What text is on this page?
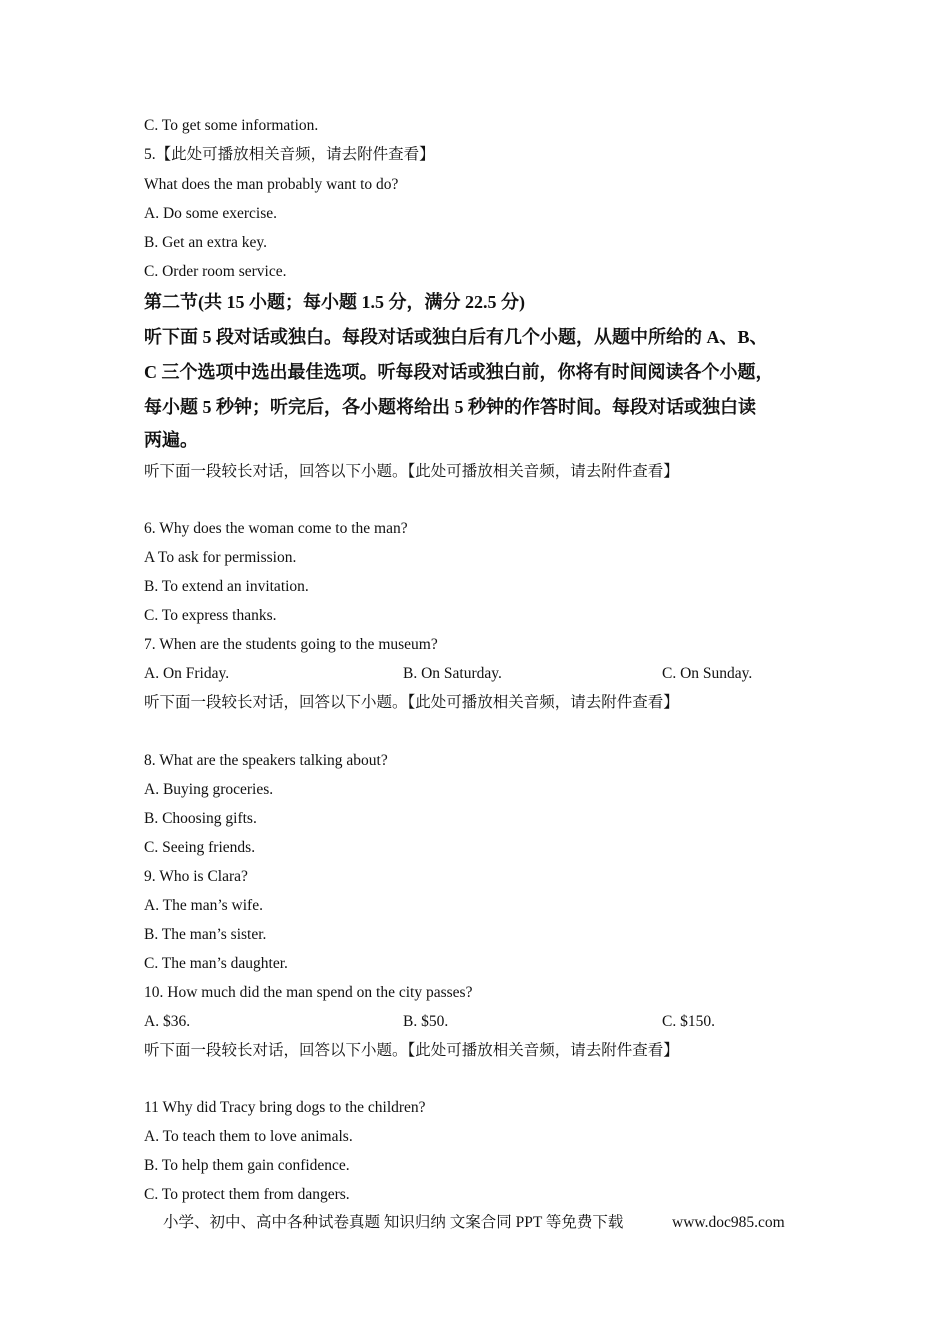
C. To get some information.
5.【此处可播放相关音频，请去附件查看】
What does the man probably want to do?
A. Do some exercise.
B. Get an extra key.
C. Order room service.
第二节(共 15 小题；每小题 1.5 分，满分 22.5 分)
听下面 5 段对话或独白。每段对话或独白后有几个小题，从题中所给的 A、B、
C 三个选项中选出最佳选项。听每段对话或独白前，你将有时间阅读各个小题，
每小题 5 秒钟；听完后，各小题将给出 5 秒钟的作答时间。每段对话或独白读
两遍。
听下面一段较长对话，回答以下小题。【此处可播放相关音频，请去附件查看】
6. Why does the woman come to the man?
A To ask for permission.
B. To extend an invitation.
C. To express thanks.
7. When are the students going to the museum?
A. On Friday.	B. On Saturday.	C. On Sunday.
听下面一段较长对话，回答以下小题。【此处可播放相关音频，请去附件查看】
8. What are the speakers talking about?
A. Buying groceries.
B. Choosing gifts.
C. Seeing friends.
9. Who is Clara?
A. The man’s wife.
B. The man’s sister.
C. The man’s daughter.
10. How much did the man spend on the city passes?
A. $36.	B. $50.	C. $150.
听下面一段较长对话，回答以下小题。【此处可播放相关音频，请去附件查看】
11 Why did Tracy bring dogs to the children?
A. To teach them to love animals.
B. To help them gain confidence.
C. To protect them from dangers.
小学、初中、高中各种试卷真题 知识归纳 文案合同 PPT 等免费下载	www.doc985.com
